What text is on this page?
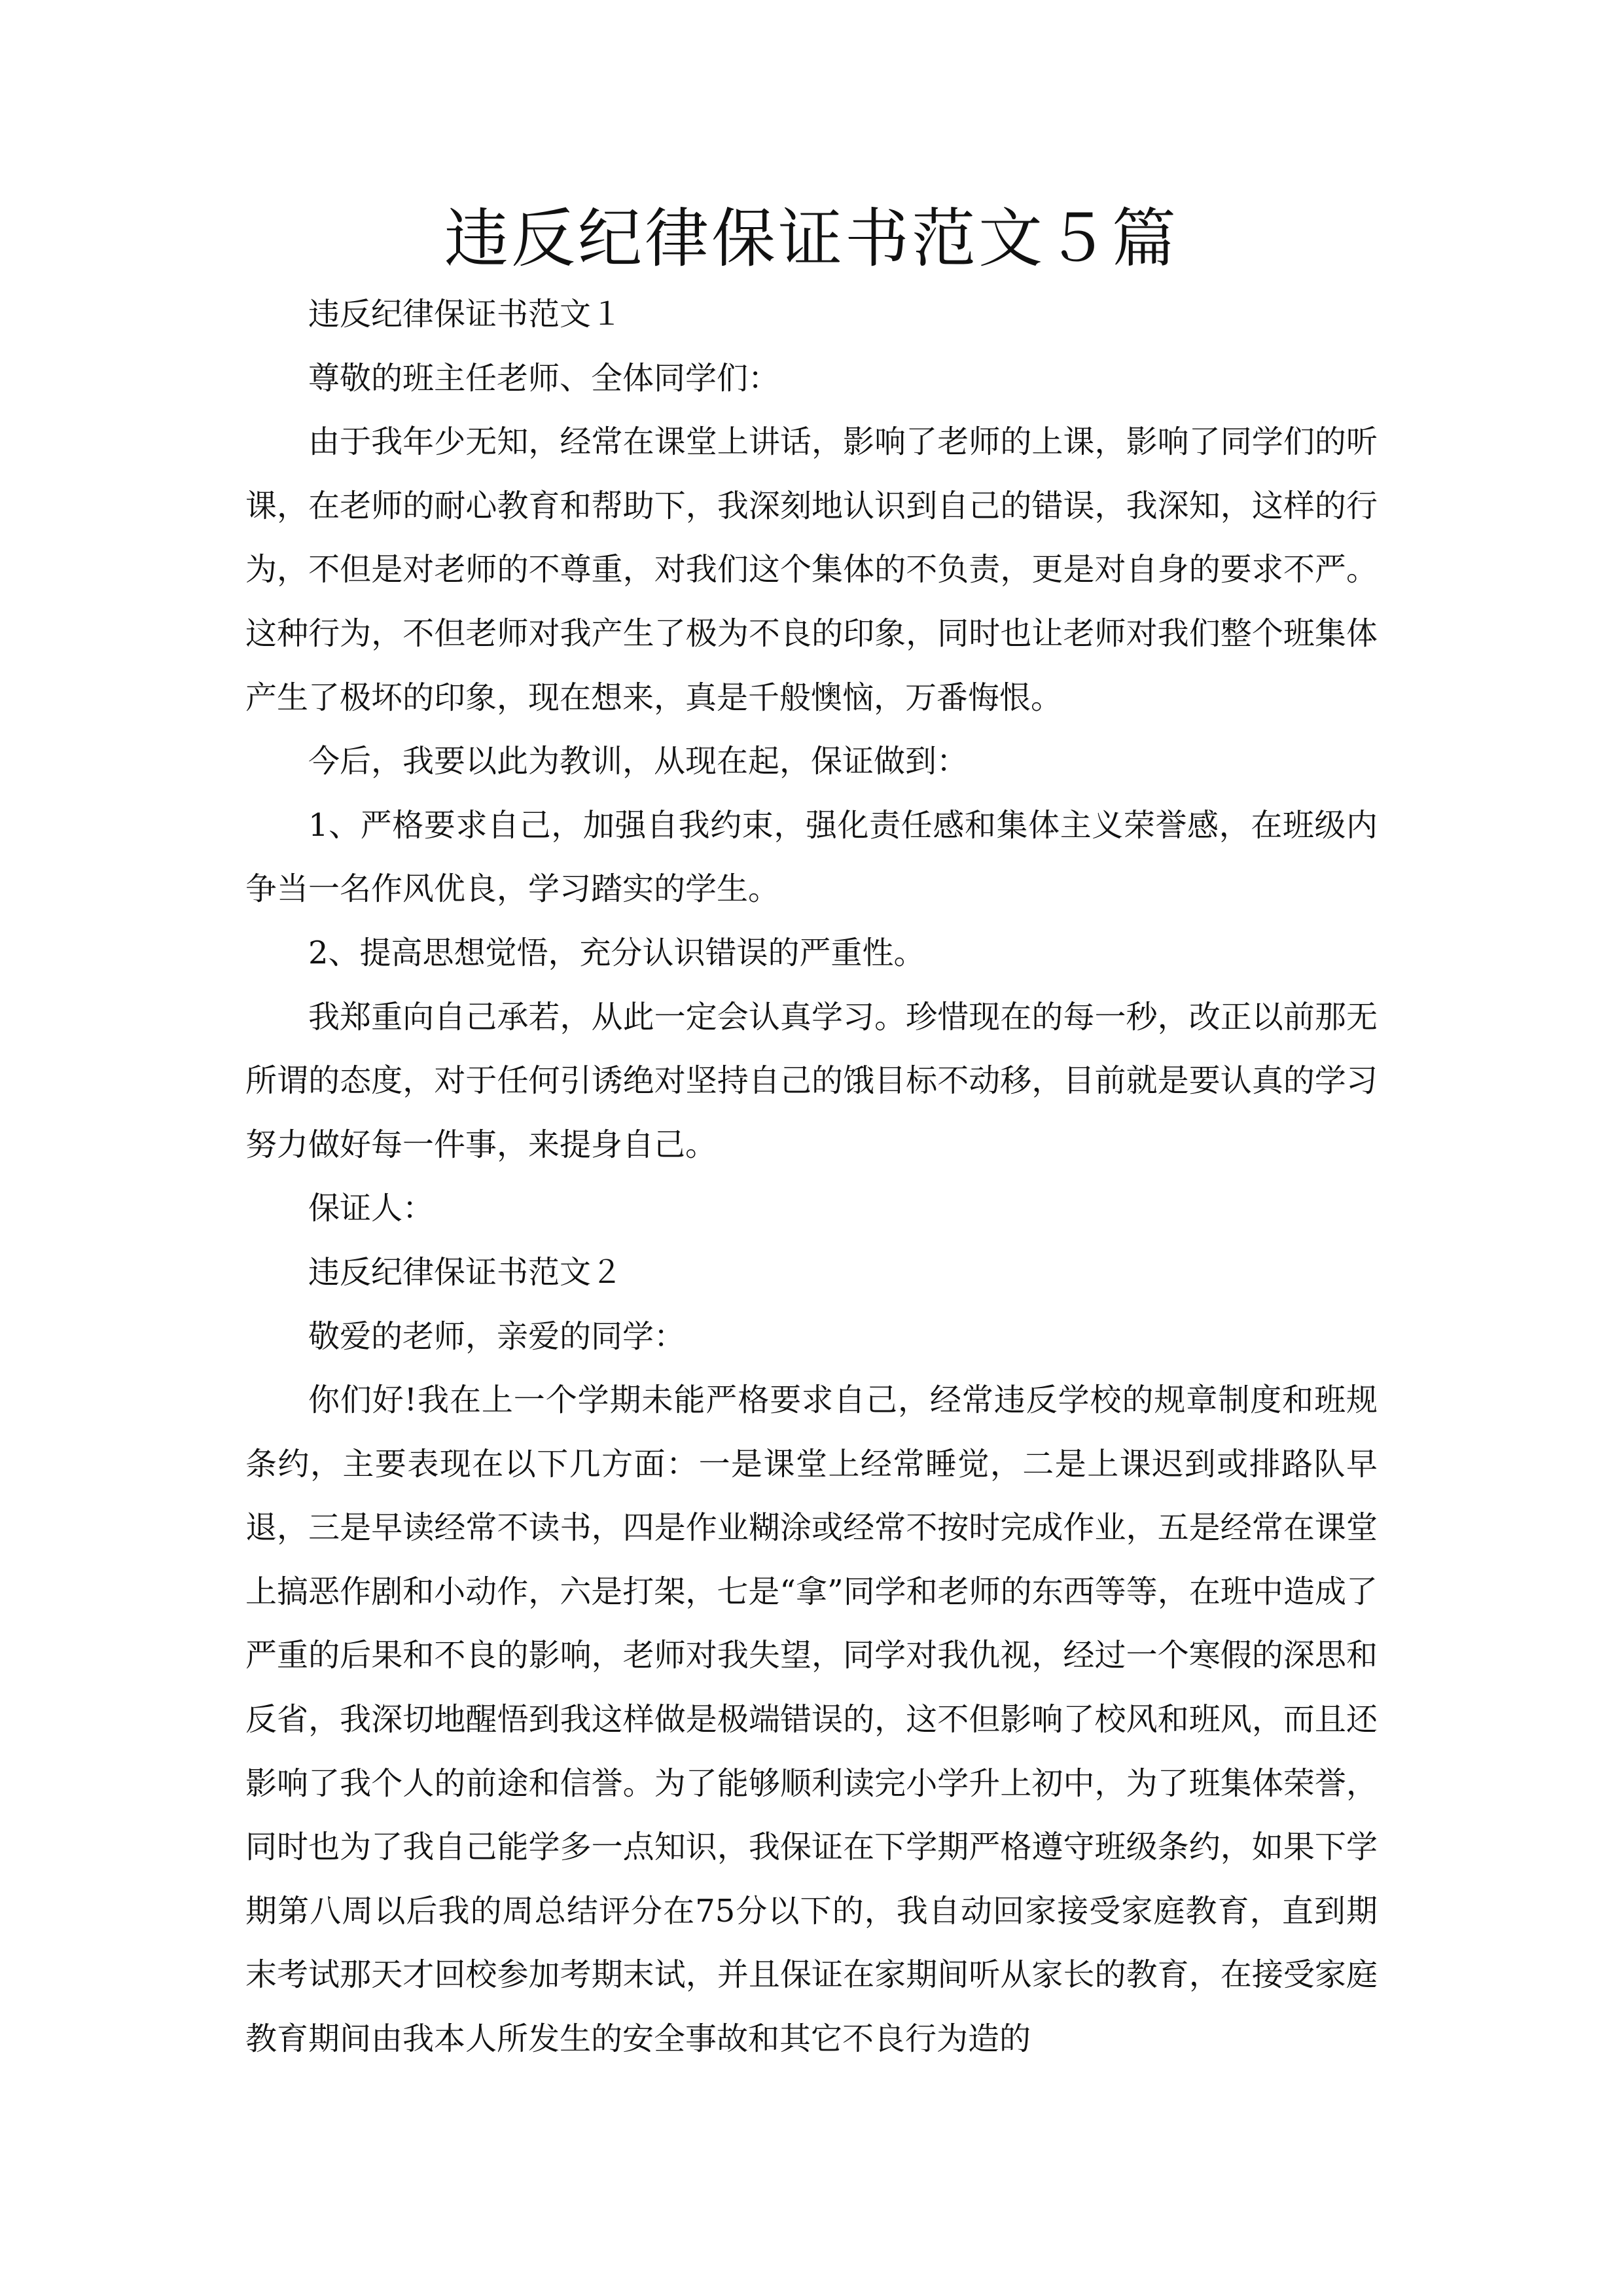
违反纪律保证书范文５篇

违反纪律保证书范文１

尊敬的班主任老师、全体同学们：

由于我年少无知，经常在课堂上讲话，影响了老师的上课，影响了同学们的听课，在老师的耐心教育和帮助下，我深刻地认识到自己的错误，我深知，这样的行为，不但是对老师的不尊重，对我们这个集体的不负责，更是对自身的要求不严。这种行为，不但老师对我产生了极为不良的印象，同时也让老师对我们整个班集体产生了极坏的印象，现在想来，真是千般懊恼，万番悔恨。

今后，我要以此为教训，从现在起，保证做到：

1、严格要求自己，加强自我约束，强化责任感和集体主义荣誉感，在班级内争当一名作风优良，学习踏实的学生。

2、提高思想觉悟，充分认识错误的严重性。

我郑重向自己承若，从此一定会认真学习。珍惜现在的每一秒，改正以前那无所谓的态度，对于任何引诱绝对坚持自己的饿目标不动移，目前就是要认真的学习努力做好每一件事，来提身自己。

保证人：

违反纪律保证书范文２

敬爱的老师，亲爱的同学：

你们好!我在上一个学期未能严格要求自己，经常违反学校的规章制度和班规条约，主要表现在以下几方面：一是课堂上经常睡觉，二是上课迟到或排路队早退，三是早读经常不读书，四是作业糊涂或经常不按时完成作业，五是经常在课堂上搞恶作剧和小动作，六是打架，七是“拿”同学和老师的东西等等，在班中造成了严重的后果和不良的影响，老师对我失望，同学对我仇视，经过一个寒假的深思和反省，我深切地醒悟到我这样做是极端错误的，这不但影响了校风和班风，而且还影响了我个人的前途和信誉。为了能够顺利读完小学升上初中，为了班集体荣誉，同时也为了我自己能学多一点知识，我保证在下学期严格遵守班级条约，如果下学期第八周以后我的周总结评分在75分以下的，我自动回家接受家庭教育，直到期末考试那天才回校参加考期末试，并且保证在家期间听从家长的教育，在接受家庭教育期间由我本人所发生的安全事故和其它不良行为造的
